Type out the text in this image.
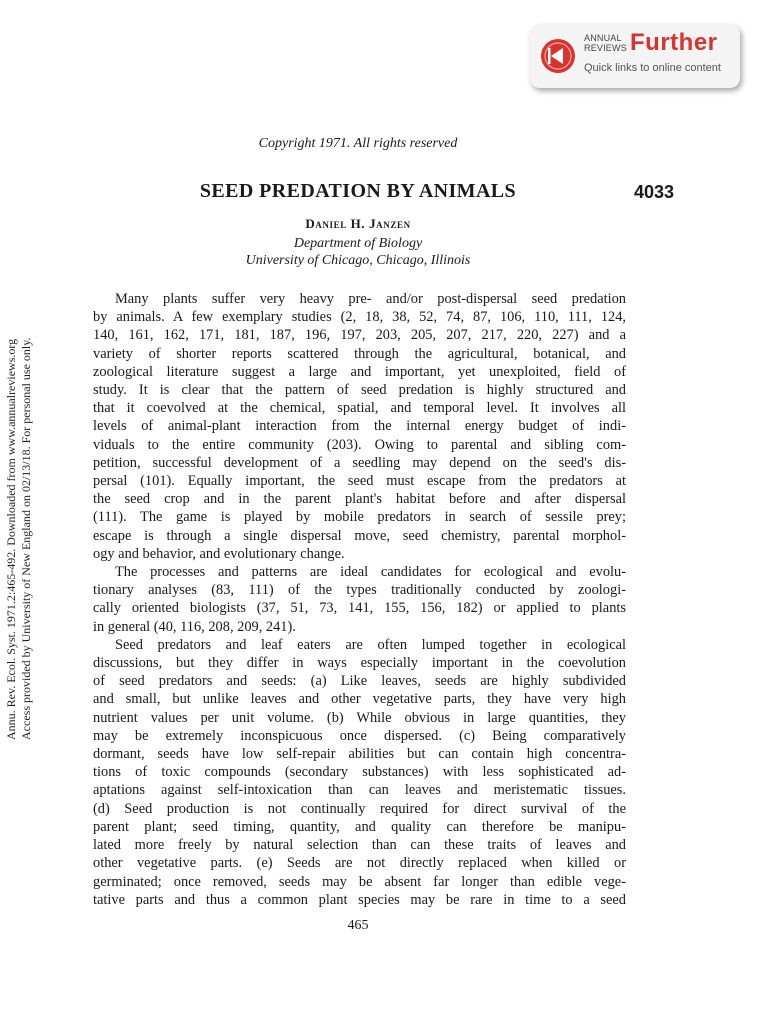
ANNUAL
REVIEWS Further
Quick links to online content
Annu. Rev. Ecol. Syst. 1971.2:465-492. Downloaded from www.annualreviews.org Access provided by University of New England on 02/13/18. For personal use only.
Copyright 1971. All rights reserved
SEED PREDATION BY ANIMALS	4033
Daniel H. Janzen
Department of Biology
University of Chicago, Chicago, Illinois
Many plants suffer very heavy pre- and/or post-dispersal seed predation
by animals. A few exemplary studies (2, 18, 38, 52, 74, 87, 106, 110, 111, 124,
140, 161, 162, 171, 181, 187, 196, 197, 203, 205, 207, 217, 220, 227) and a
variety of shorter reports scattered through the agricultural, botanical, and
zoological literature suggest a large and important, yet unexploited, field of
study. It is clear that the pattern of seed predation is highly structured and
that it coevolved at the chemical, spatial, and temporal level. It involves all
levels of animal-plant interaction from the internal energy budget of indi-
viduals to the entire community (203). Owing to parental and sibling com-
petition, successful development of a seedling may depend on the seed's dis-
persal (101). Equally important, the seed must escape from the predators at
the seed crop and in the parent plant's habitat before and after dispersal
(111). The game is played by mobile predators in search of sessile prey;
escape is through a single dispersal move, seed chemistry, parental morphol-
ogy and behavior, and evolutionary change.
The processes and patterns are ideal candidates for ecological and evolu-
tionary analyses (83, 111) of the types traditionally conducted by zoologi-
cally oriented biologists (37, 51, 73, 141, 155, 156, 182) or applied to plants
in general (40, 116, 208, 209, 241).
Seed predators and leaf eaters are often lumped together in ecological
discussions, but they differ in ways especially important in the coevolution
of seed predators and seeds: (a) Like leaves, seeds are highly subdivided
and small, but unlike leaves and other vegetative parts, they have very high
nutrient values per unit volume. (b) While obvious in large quantities, they
may be extremely inconspicuous once dispersed. (c) Being comparatively
dormant, seeds have low self-repair abilities but can contain high concentra-
tions of toxic compounds (secondary substances) with less sophisticated ad-
aptations against self-intoxication than can leaves and meristematic tissues.
(d) Seed production is not continually required for direct survival of the
parent plant; seed timing, quantity, and quality can therefore be manipu-
lated more freely by natural selection than can these traits of leaves and
other vegetative parts. (e) Seeds are not directly replaced when killed or
germinated; once removed, seeds may be absent far longer than edible vege-
tative parts and thus a common plant species may be rare in time to a seed
465
